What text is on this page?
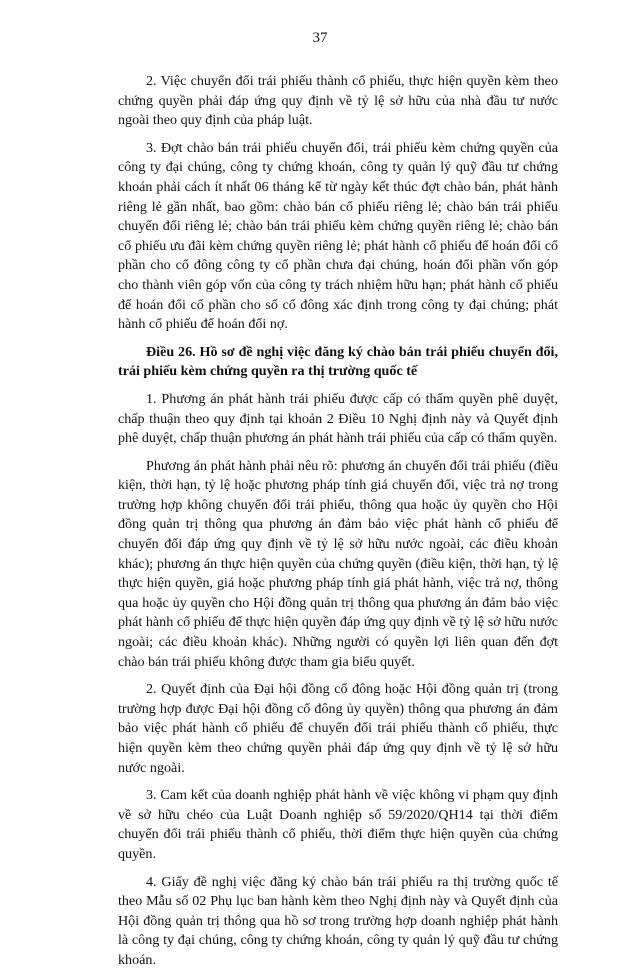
37

2. Việc chuyển đổi trái phiếu thành cổ phiếu, thực hiện quyền kèm theo chứng quyền phải đáp ứng quy định về tỷ lệ sở hữu của nhà đầu tư nước ngoài theo quy định của pháp luật.

3. Đợt chào bán trái phiếu chuyển đổi, trái phiếu kèm chứng quyền của công ty đại chúng, công ty chứng khoán, công ty quản lý quỹ đầu tư chứng khoán phải cách ít nhất 06 tháng kể từ ngày kết thúc đợt chào bán, phát hành riêng lẻ gần nhất, bao gồm: chào bán cổ phiếu riêng lẻ; chào bán trái phiếu chuyển đổi riêng lẻ; chào bán trái phiếu kèm chứng quyền riêng lẻ; chào bán cổ phiếu ưu đãi kèm chứng quyền riêng lẻ; phát hành cổ phiếu để hoán đổi cổ phần cho cổ đông công ty cổ phần chưa đại chúng, hoán đổi phần vốn góp cho thành viên góp vốn của công ty trách nhiệm hữu hạn; phát hành cổ phiếu để hoán đổi cổ phần cho số cổ đông xác định trong công ty đại chúng; phát hành cổ phiếu để hoán đổi nợ.

Điều 26. Hồ sơ đề nghị việc đăng ký chào bán trái phiếu chuyển đổi, trái phiếu kèm chứng quyền ra thị trường quốc tế

1. Phương án phát hành trái phiếu được cấp có thẩm quyền phê duyệt, chấp thuận theo quy định tại khoản 2 Điều 10 Nghị định này và Quyết định phê duyệt, chấp thuận phương án phát hành trái phiếu của cấp có thẩm quyền.

Phương án phát hành phải nêu rõ: phương án chuyển đổi trái phiếu (điều kiện, thời hạn, tỷ lệ hoặc phương pháp tính giá chuyển đổi, việc trả nợ trong trường hợp không chuyển đổi trái phiếu, thông qua hoặc ủy quyền cho Hội đồng quản trị thông qua phương án đảm bảo việc phát hành cổ phiếu để chuyển đổi đáp ứng quy định về tỷ lệ sở hữu nước ngoài, các điều khoản khác); phương án thực hiện quyền của chứng quyền (điều kiện, thời hạn, tỷ lệ thực hiện quyền, giá hoặc phương pháp tính giá phát hành, việc trả nợ, thông qua hoặc ủy quyền cho Hội đồng quản trị thông qua phương án đảm bảo việc phát hành cổ phiếu để thực hiện quyền đáp ứng quy định về tỷ lệ sở hữu nước ngoài; các điều khoản khác). Những người có quyền lợi liên quan đến đợt chào bán trái phiếu không được tham gia biểu quyết.

2. Quyết định của Đại hội đồng cổ đông hoặc Hội đồng quản trị (trong trường hợp được Đại hội đồng cổ đông ủy quyền) thông qua phương án đảm bảo việc phát hành cổ phiếu để chuyển đổi trái phiếu thành cổ phiếu, thực hiện quyền kèm theo chứng quyền phải đáp ứng quy định về tỷ lệ sở hữu nước ngoài.

3. Cam kết của doanh nghiệp phát hành về việc không vi phạm quy định về sở hữu chéo của Luật Doanh nghiệp số 59/2020/QH14 tại thời điểm chuyển đổi trái phiếu thành cổ phiếu, thời điểm thực hiện quyền của chứng quyền.

4. Giấy đề nghị việc đăng ký chào bán trái phiếu ra thị trường quốc tế theo Mẫu số 02 Phụ lục ban hành kèm theo Nghị định này và Quyết định của Hội đồng quản trị thông qua hồ sơ trong trường hợp doanh nghiệp phát hành là công ty đại chúng, công ty chứng khoán, công ty quản lý quỹ đầu tư chứng khoán.
